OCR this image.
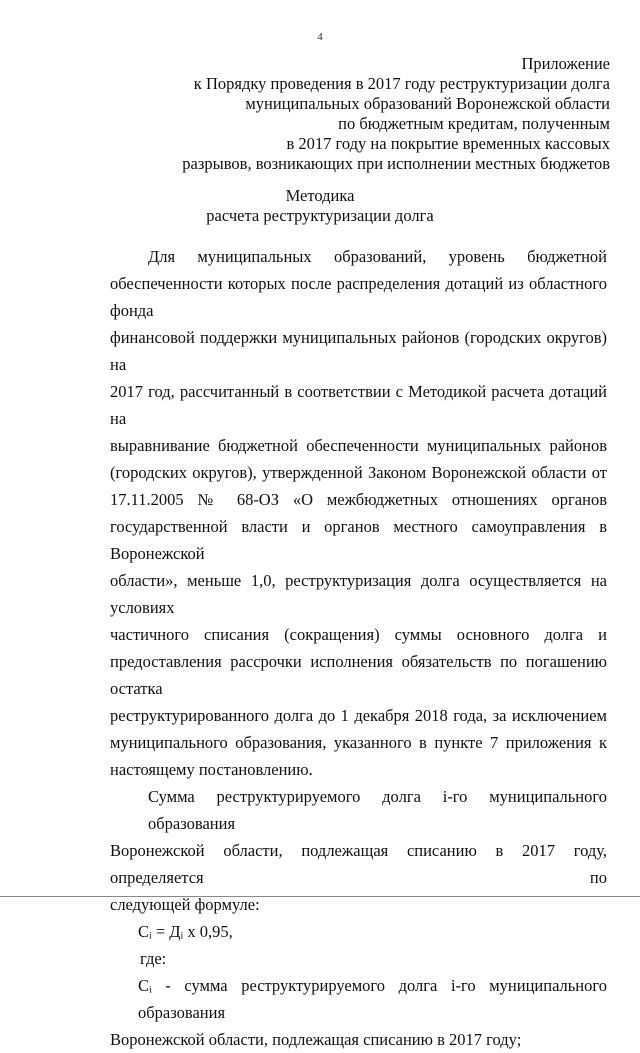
4
Приложение
к Порядку проведения в 2017 году реструктуризации долга
муниципальных образований Воронежской области
по бюджетным кредитам, полученным
в 2017 году на покрытие временных кассовых
разрывов, возникающих при исполнении местных бюджетов
Методика
расчета реструктуризации долга
Для муниципальных образований, уровень бюджетной
обеспеченности которых после распределения дотаций из областного фонда
финансовой поддержки муниципальных районов (городских округов) на
2017 год, рассчитанный в соответствии с Методикой расчета дотаций на
выравнивание бюджетной обеспеченности муниципальных районов
(городских округов), утвержденной Законом Воронежской области от
17.11.2005 № 68-ОЗ «О межбюджетных отношениях органов
государственной власти и органов местного самоуправления в Воронежской
области», меньше 1,0, реструктуризация долга осуществляется на условиях
частичного списания (сокращения) суммы основного долга и
предоставления рассрочки исполнения обязательств по погашению остатка
реструктурированного долга до 1 декабря 2018 года, за исключением
муниципального образования, указанного в пункте 7 приложения к
настоящему постановлению.
Сумма реструктурируемого долга i-го муниципального образования
Воронежской области, подлежащая списанию в 2017 году, определяется по
следующей формуле:
Cᵢ = Дᵢ х 0,95,
где:
Cᵢ - сумма реструктурируемого долга i-го муниципального образования
Воронежской области, подлежащая списанию в 2017 году;
